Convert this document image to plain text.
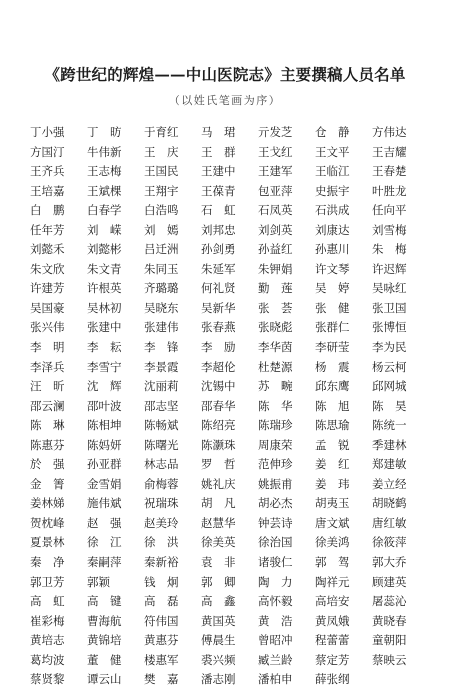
《跨世纪的辉煌——中山医院志》主要撰稿人员名单
（以姓氏笔画为序）
丁小强	丁　昉	于育红	马　珺	亓发芝	仓　静	方伟达
方国汀	牛伟新	王　庆	王　群	王戈红	王文平	王吉耀
王齐兵	王志梅	王国民	王建中	王建军	王临江	王春楚
王培嘉	王斌棵	王翔宇	王葆青	包亚萍	史振宇	叶胜龙
白　鹏	白春学	白浩鸣	石　虹	石凤英	石洪成	任向平
任年芳	刘　嵘	刘　嫣	刘邦忠	刘剑英	刘康达	刘雪梅
刘懿禾	刘懿彬	吕迁洲	孙剑勇	孙益红	孙惠川	朱　梅
朱文欣	朱文青	朱同玉	朱延军	朱钾娟	许文琴	许迟辉
许建芳	许根英	齐璐璐	何礼贤	勤　莲	吴　婷	吴咏红
吴国豪	吴林初	吴晓东	吴新华	张　荟	张　健	张卫国
张兴伟	张建中	张建伟	张春燕	张晓彪	张群仁	张博恒
李　明	李　耘	李　锋	李　励	李华茵	李研莹	李为民
李泽兵	李雪宁	李景霞	李超伦	杜楚源	杨　震	杨云柯
汪　昕	沈　辉	沈丽莉	沈锡中	苏　畹	邱东鹰	邱网城
邵云澜	邵叶波	邵志坚	邵春华	陈　华	陈　旭	陈　昊
陈　琳	陈相坤	陈畅斌	陈绍亮	陈瑞珍	陈思瑜	陈统一
陈惠芬	陈妈妍	陈曙光	陈灏珠	周康荣	孟　锐	季建林
於　强	孙亚群	林志品	罗　哲	范伸珍	姜　红	郑建敏
金　箐	金雪娟	俞梅蓉	姚礼庆	姚振甫	姜　玮	姜立经
姜林娣	施伟斌	祝瑞珠	胡　凡	胡必杰	胡夷玉	胡晓鹤
贺枕峰	赵　强	赵美玲	赵慧华	钟芸诗	唐文斌	唐红敏
夏景林	徐　江	徐　洪	徐美英	徐治国	徐美鸿	徐筱萍
秦　净	秦嗣萍	秦新裕	袁　非	诸骏仁	郭　驾	郭大乔
郭卫芳	郭颖	钱　炯	郭　卿	陶　力	陶祥元	顾建英
高　虹	高　键	高　磊	高　鑫	高怀毅	高培安	屠蕊沁
崔彩梅	曹海航	符伟国	黄国英	黄　浩	黄凤娥	黄晓春
黄培志	黄锦培	黄惠芬	傅晨生	曾昭冲	程蕾蕾	童朝阳
葛均波	董　健	楼惠军	裘兴频	臧兰龄	蔡定芳	蔡映云
蔡贤黎	谭云山	樊　嘉	潘志刚	潘柏申	薛张纲
